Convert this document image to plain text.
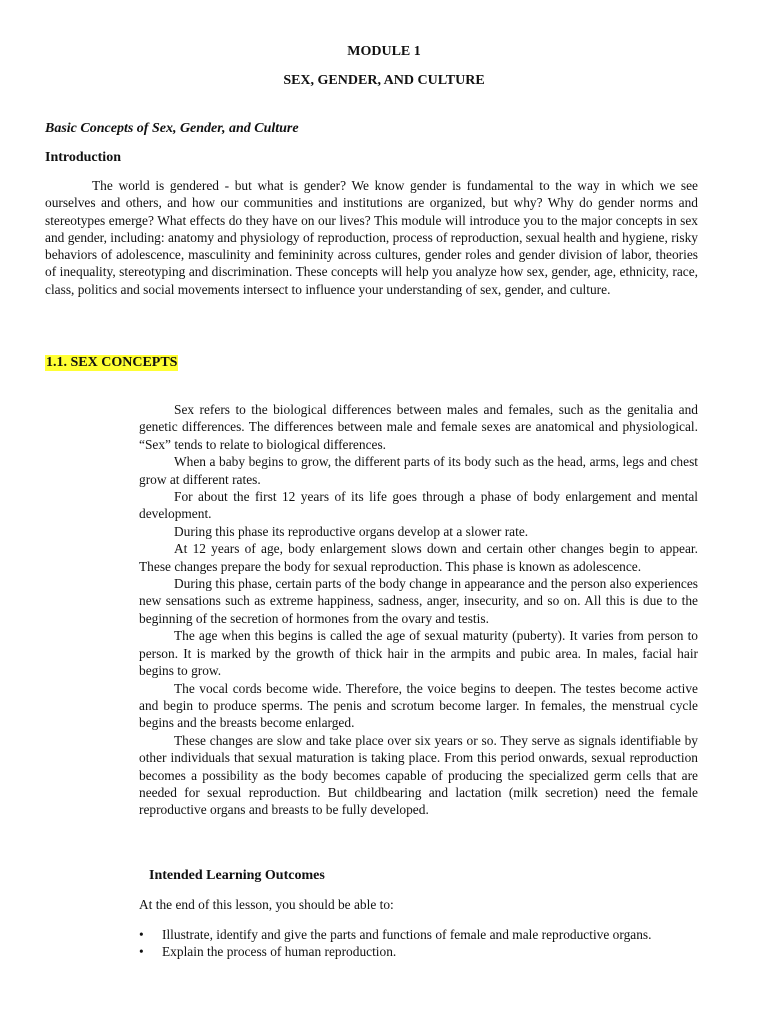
MODULE 1
SEX, GENDER, AND CULTURE
Basic Concepts of Sex, Gender, and Culture
Introduction

The world is gendered - but what is gender? We know gender is fundamental to the way in which we see ourselves and others, and how our communities and institutions are organized, but why? Why do gender norms and stereotypes emerge? What effects do they have on our lives? This module will introduce you to the major concepts in sex and gender, including: anatomy and physiology of reproduction, process of reproduction, sexual health and hygiene, risky behaviors of adolescence, masculinity and femininity across cultures, gender roles and gender division of labor, theories of inequality, stereotyping and discrimination. These concepts will help you analyze how sex, gender, age, ethnicity, race, class, politics and social movements intersect to influence your understanding of sex, gender, and culture.

1.1. SEX CONCEPTS

Sex refers to the biological differences between males and females, such as the genitalia and genetic differences. The differences between male and female sexes are anatomical and physiological. “Sex” tends to relate to biological differences.

When a baby begins to grow, the different parts of its body such as the head, arms, legs and chest grow at different rates.

For about the first 12 years of its life goes through a phase of body enlargement and mental development.

During this phase its reproductive organs develop at a slower rate.

At 12 years of age, body enlargement slows down and certain other changes begin to appear. These changes prepare the body for sexual reproduction. This phase is known as adolescence.

During this phase, certain parts of the body change in appearance and the person also experiences new sensations such as extreme happiness, sadness, anger, insecurity, and so on. All this is due to the beginning of the secretion of hormones from the ovary and testis.

The age when this begins is called the age of sexual maturity (puberty). It varies from person to person. It is marked by the growth of thick hair in the armpits and pubic area. In males, facial hair begins to grow.

The vocal cords become wide. Therefore, the voice begins to deepen. The testes become active and begin to produce sperms. The penis and scrotum become larger. In females, the menstrual cycle begins and the breasts become enlarged.

These changes are slow and take place over six years or so. They serve as signals identifiable by other individuals that sexual maturation is taking place. From this period onwards, sexual reproduction becomes a possibility as the body becomes capable of producing the specialized germ cells that are needed for sexual reproduction. But childbearing and lactation (milk secretion) need the female reproductive organs and breasts to be fully developed.

Intended Learning Outcomes
At the end of this lesson, you should be able to:
• Illustrate, identify and give the parts and functions of female and male reproductive organs.
• Explain the process of human reproduction.
